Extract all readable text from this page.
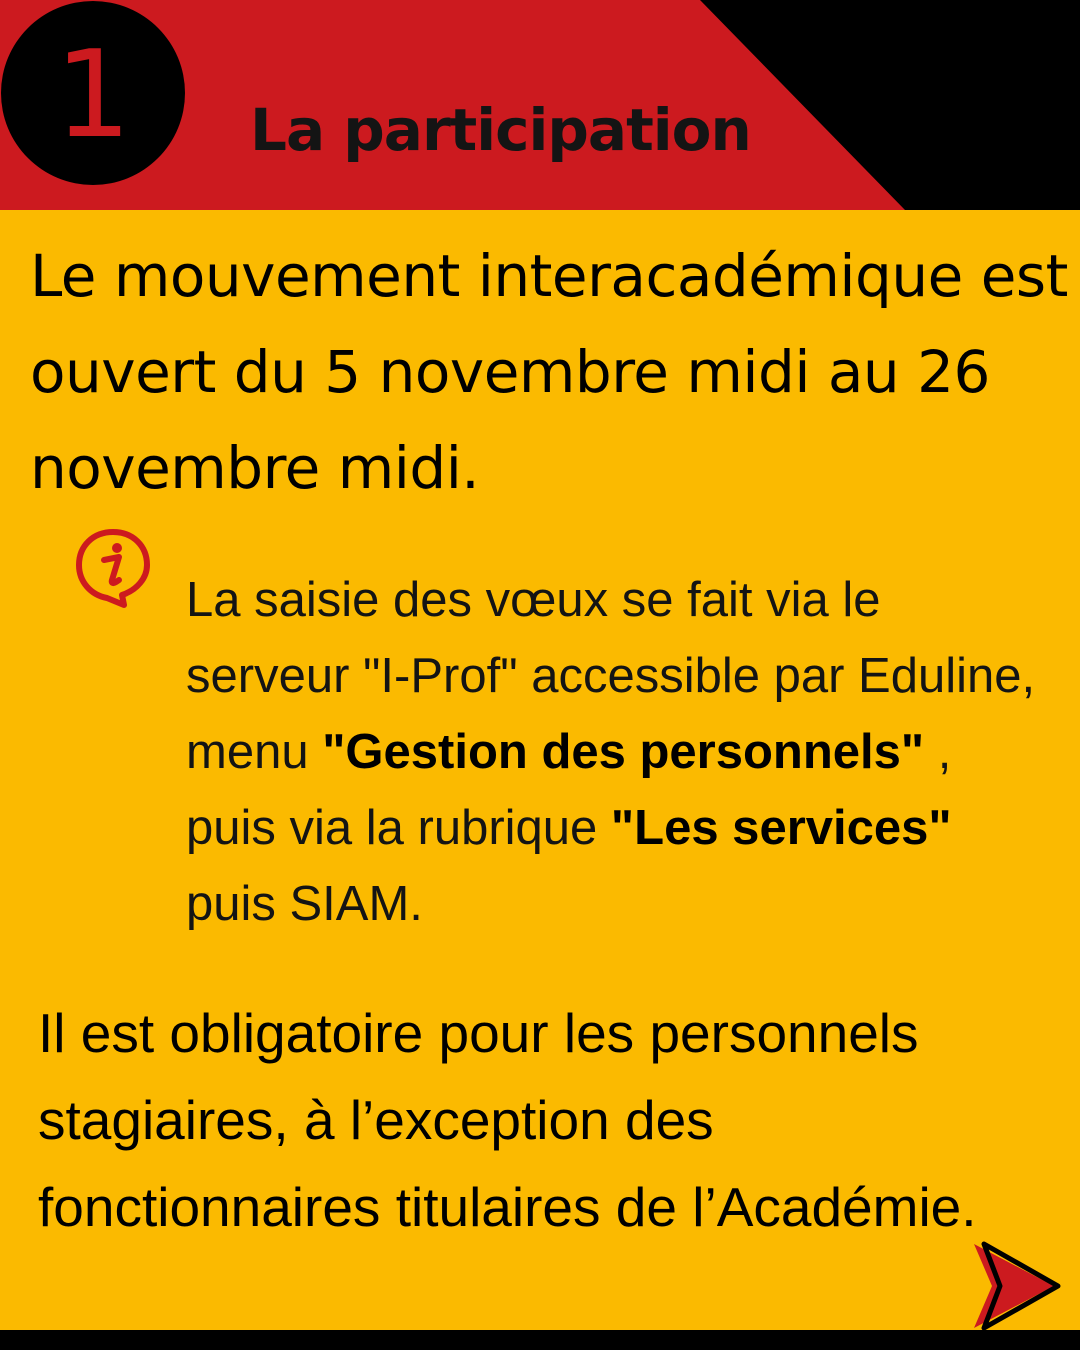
1	La participation

Le mouvement interacadémique est ouvert du 5 novembre midi au 26 novembre midi.

La saisie des vœux se fait via le serveur "I-Prof" accessible par Eduline, menu "Gestion des personnels" , puis via la rubrique "Les services" puis SIAM.

Il est obligatoire pour les personnels stagiaires, à l’exception des fonctionnaires titulaires de l’Académie.
